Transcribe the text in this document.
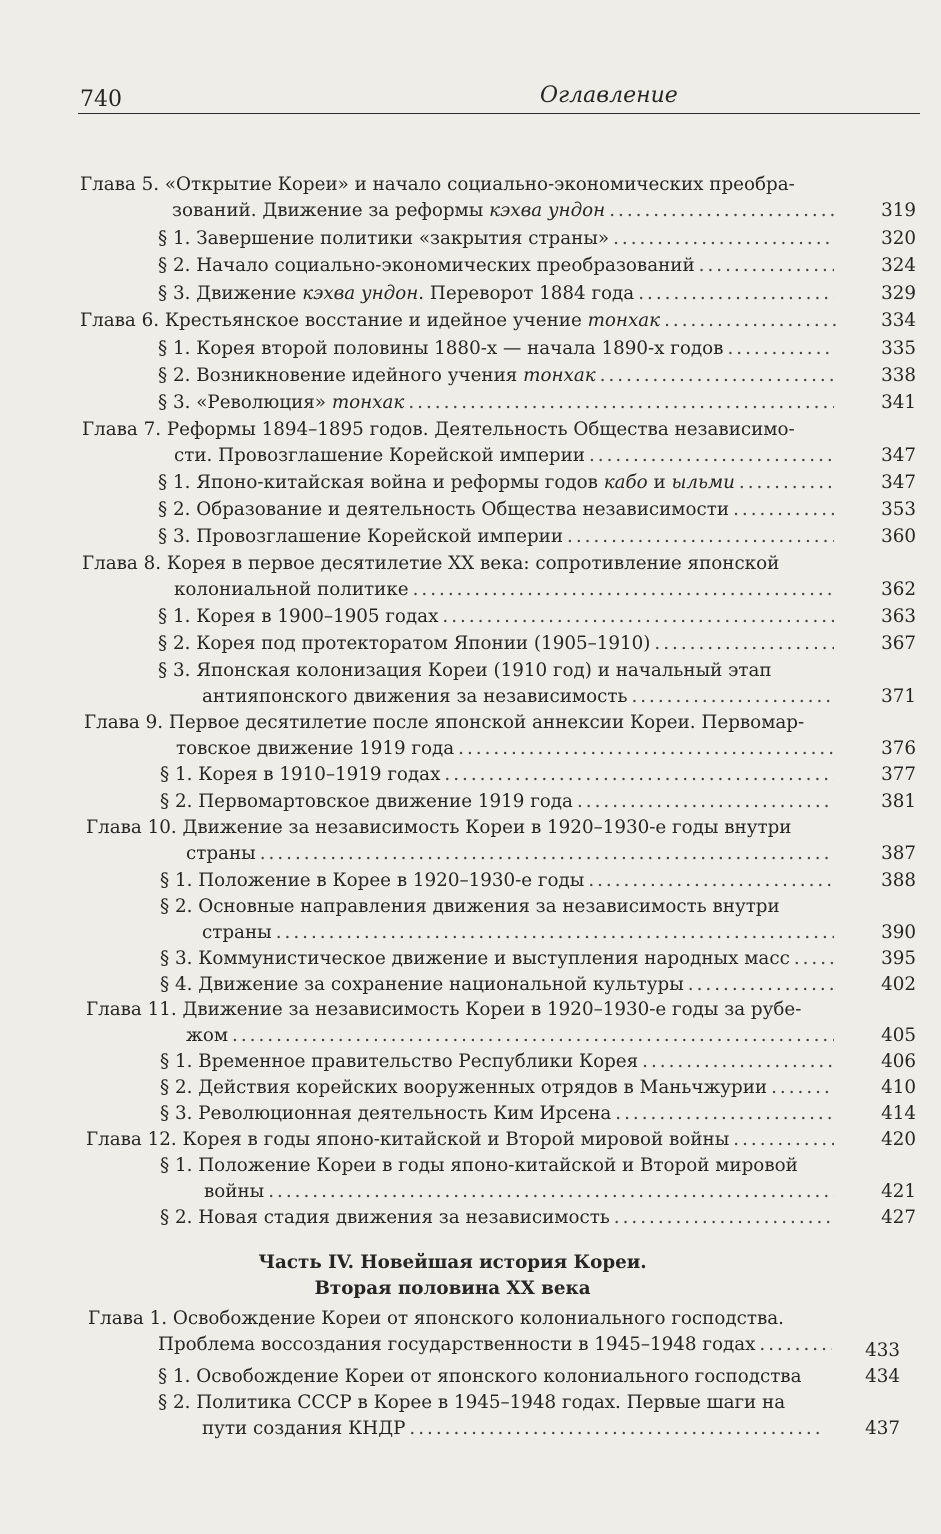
740	Оглавление
Глава 5. «Открытие Кореи» и начало социально-экономических преобра-
зований. Движение за реформы кэхва ундон .....	319
§ 1. Завершение политики «закрытия страны» .....	320
§ 2. Начало социально-экономических преобразований .....	324
§ 3. Движение кэхва ундон. Переворот 1884 года .....	329
Глава 6. Крестьянское восстание и идейное учение тонхак .....	334
§ 1. Корея второй половины 1880-х — начала 1890-х годов .....	335
§ 2. Возникновение идейного учения тонхак .....	338
§ 3. «Революция» тонхак .....	341
Глава 7. Реформы 1894–1895 годов. Деятельность Общества независимо-
сти. Провозглашение Корейской империи .....	347
§ 1. Японо-китайская война и реформы годов кабо и ыльми .....	347
§ 2. Образование и деятельность Общества независимости .....	353
§ 3. Провозглашение Корейской империи .....	360
Глава 8. Корея в первое десятилетие XX века: сопротивление японской
колониальной политике .....	362
§ 1. Корея в 1900–1905 годах .....	363
§ 2. Корея под протекторатом Японии (1905–1910) .....	367
§ 3. Японская колонизация Кореи (1910 год) и начальный этап
антияпонского движения за независимость .....	371
Глава 9. Первое десятилетие после японской аннексии Кореи. Первомар-
товское движение 1919 года .....	376
§ 1. Корея в 1910–1919 годах .....	377
§ 2. Первомартовское движение 1919 года .....	381
Глава 10. Движение за независимость Кореи в 1920–1930-е годы внутри
страны .....	387
§ 1. Положение в Корее в 1920–1930-е годы .....	388
§ 2. Основные направления движения за независимость внутри
страны .....	390
§ 3. Коммунистическое движение и выступления народных масс .....	395
§ 4. Движение за сохранение национальной культуры .....	402
Глава 11. Движение за независимость Кореи в 1920–1930-е годы за рубе-
жом .....	405
§ 1. Временное правительство Республики Корея .....	406
§ 2. Действия корейских вооруженных отрядов в Маньчжурии .....	410
§ 3. Революционная деятельность Ким Ирсена .....	414
Глава 12. Корея в годы японо-китайской и Второй мировой войны .....	420
§ 1. Положение Кореи в годы японо-китайской и Второй мировой
войны .....	421
§ 2. Новая стадия движения за независимость .....	427
Часть IV. Новейшая история Кореи.
Вторая половина XX века
Глава 1. Освобождение Кореи от японского колониального господства.
Проблема воссоздания государственности в 1945–1948 годах .....	433
§ 1. Освобождение Кореи от японского колониального господства	434
§ 2. Политика СССР в Корее в 1945–1948 годах. Первые шаги на
пути создания КНДР .....	437
